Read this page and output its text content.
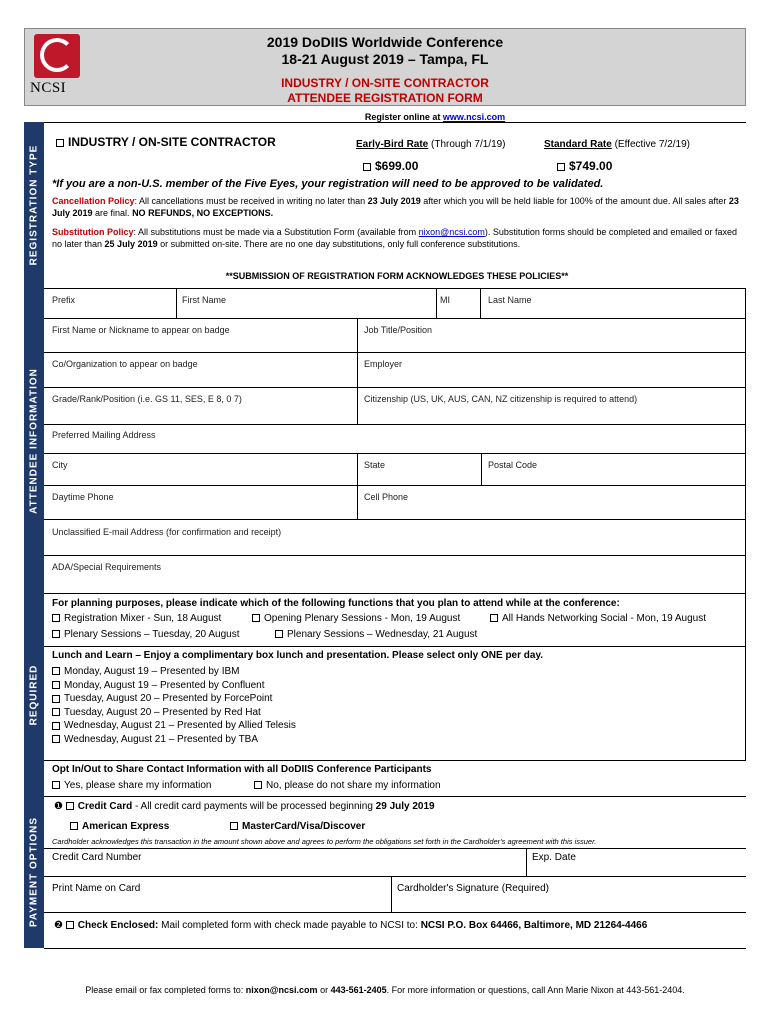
NCSI
2019 DoDIIS Worldwide Conference
18-21 August 2019 – Tampa, FL
INDUSTRY / ON-SITE CONTRACTOR
ATTENDEE REGISTRATION FORM
Register online at www.ncsi.com
REGISTRATION TYPE
INDUSTRY / ON-SITE CONTRACTOR	Early-Bird Rate (Through 7/1/19)	Standard Rate (Effective 7/2/19)
$699.00	$749.00
*If you are a non-U.S. member of the Five Eyes, your registration will need to be approved to be validated.
Cancellation Policy: All cancellations must be received in writing no later than 23 July 2019 after which you will be held liable for 100% of the amount due. All sales after 23 July 2019 are final. NO REFUNDS, NO EXCEPTIONS.
Substitution Policy: All substitutions must be made via a Substitution Form (available from nixon@ncsi.com). Substitution forms should be completed and emailed or faxed no later than 25 July 2019 or submitted on-site. There are no one day substitutions, only full conference substitutions.
**SUBMISSION OF REGISTRATION FORM ACKNOWLEDGES THESE POLICIES**
ATTENDEE INFORMATION
Prefix	First Name	MI	Last Name
First Name or Nickname to appear on badge	Job Title/Position
Co/Organization to appear on badge	Employer
Grade/Rank/Position (i.e. GS 11, SES, E 8, 0 7)	Citizenship (US, UK, AUS, CAN, NZ citizenship is required to attend)
Preferred Mailing Address
City	State	Postal Code
Daytime Phone	Cell Phone
Unclassified E-mail Address (for confirmation and receipt)
ADA/Special Requirements
REQUIRED
For planning purposes, please indicate which of the following functions that you plan to attend while at the conference:
Registration Mixer - Sun, 18 August	Opening Plenary Sessions - Mon, 19 August	All Hands Networking Social - Mon, 19 August
Plenary Sessions – Tuesday, 20 August	Plenary Sessions – Wednesday, 21 August
Lunch and Learn – Enjoy a complimentary box lunch and presentation. Please select only ONE per day.
Monday, August 19 – Presented by IBM
Monday, August 19 – Presented by Confluent
Tuesday, August 20 – Presented by ForcePoint
Tuesday, August 20 – Presented by Red Hat
Wednesday, August 21 – Presented by Allied Telesis
Wednesday, August 21 – Presented by TBA
Opt In/Out to Share Contact Information with all DoDIIS Conference Participants
Yes, please share my information	No, please do not share my information
PAYMENT OPTIONS
❶ Credit Card - All credit card payments will be processed beginning 29 July 2019
American Express	MasterCard/Visa/Discover
Cardholder acknowledges this transaction in the amount shown above and agrees to perform the obligations set forth in the Cardholder's agreement with this issuer.
Credit Card Number	Exp. Date
Print Name on Card	Cardholder's Signature (Required)
❷ Check Enclosed: Mail completed form with check made payable to NCSI to: NCSI P.O. Box 64466, Baltimore, MD 21264-4466
Please email or fax completed forms to: nixon@ncsi.com or 443-561-2405. For more information or questions, call Ann Marie Nixon at 443-561-2404.
